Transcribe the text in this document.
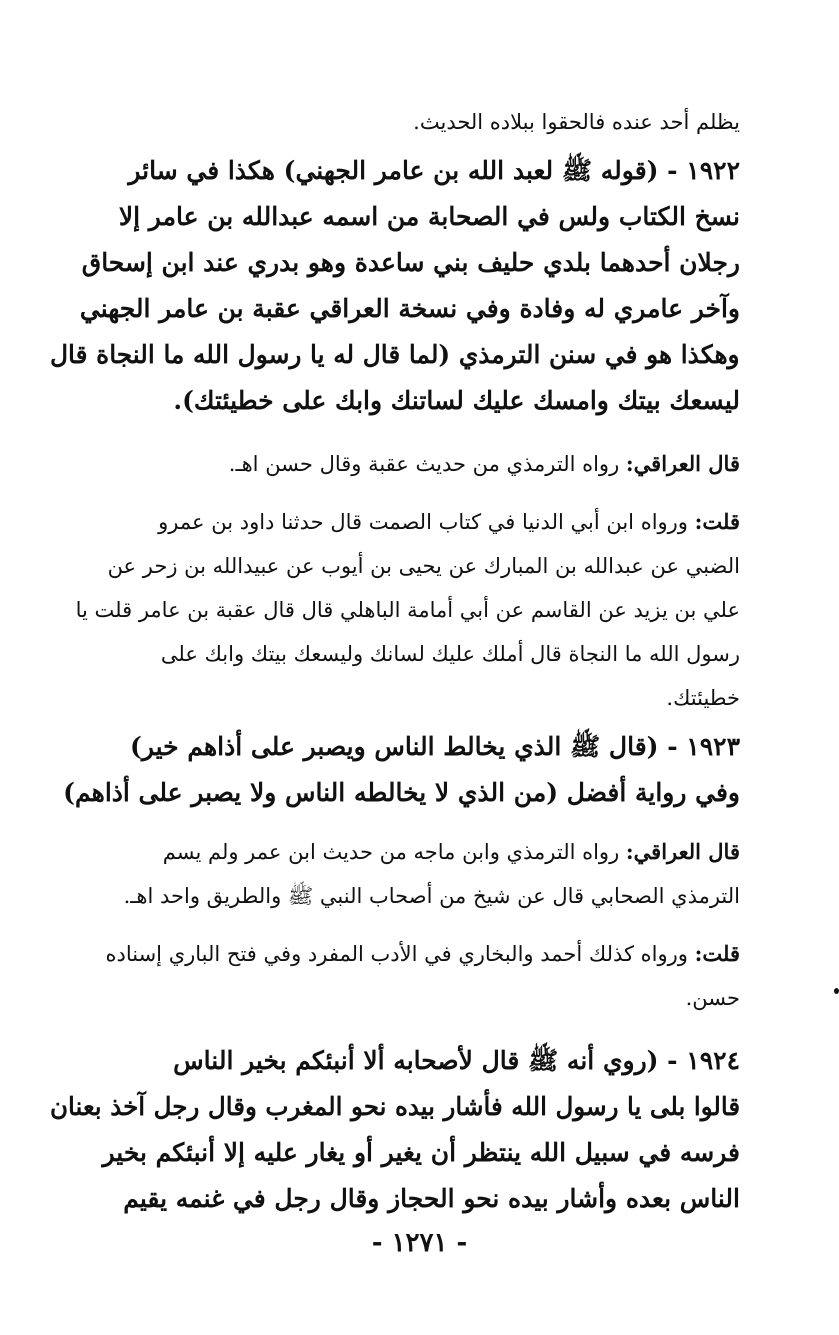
يظلم أحد عنده فالحقوا ببلاده الحديث.
١٩٢٢ - (قوله ﷺ لعبد الله بن عامر الجهني) هكذا في سائر
نسخ الكتاب ولس في الصحابة من اسمه عبدالله بن عامر إلا
رجلان أحدهما بلدي حليف بني ساعدة وهو بدري عند ابن إسحاق
وآخر عامري له وفادة وفي نسخة العراقي عقبة بن عامر الجهني
وهكذا هو في سنن الترمذي (لما قال له يا رسول الله ما النجاة قال
ليسعك بيتك وامسك عليك لساتنك وابك على خطيئتك).
قال العراقي: رواه الترمذي من حديث عقبة وقال حسن اهـ.
قلت: ورواه ابن أبي الدنيا في كتاب الصمت قال حدثنا داود بن عمرو
الضبي عن عبدالله بن المبارك عن يحيى بن أيوب عن عبيدالله بن زحر عن
علي بن يزيد عن القاسم عن أبي أمامة الباهلي قال قال عقبة بن عامر قلت يا
رسول الله ما النجاة قال أملك عليك لسانك وليسعك بيتك وابك على
خطيئتك.
١٩٢٣ - (قال ﷺ الذي يخالط الناس ويصبر على أذاهم خير)
وفي رواية أفضل (من الذي لا يخالطه الناس ولا يصبر على أذاهم)
قال العراقي: رواه الترمذي وابن ماجه من حديث ابن عمر ولم يسم
الترمذي الصحابي قال عن شيخ من أصحاب النبي ﷺ والطريق واحد اهـ.
قلت: ورواه كذلك أحمد والبخاري في الأدب المفرد وفي فتح الباري إسناده
حسن.
١٩٢٤ - (روي أنه ﷺ قال لأصحابه ألا أنبئكم بخير الناس
قالوا بلى يا رسول الله فأشار بيده نحو المغرب وقال رجل آخذ بعنان
فرسه في سبيل الله ينتظر أن يغير أو يغار عليه إلا أنبئكم بخير
الناس بعده وأشار بيده نحو الحجاز وقال رجل في غنمه يقيم
- ١٢٧١ -
